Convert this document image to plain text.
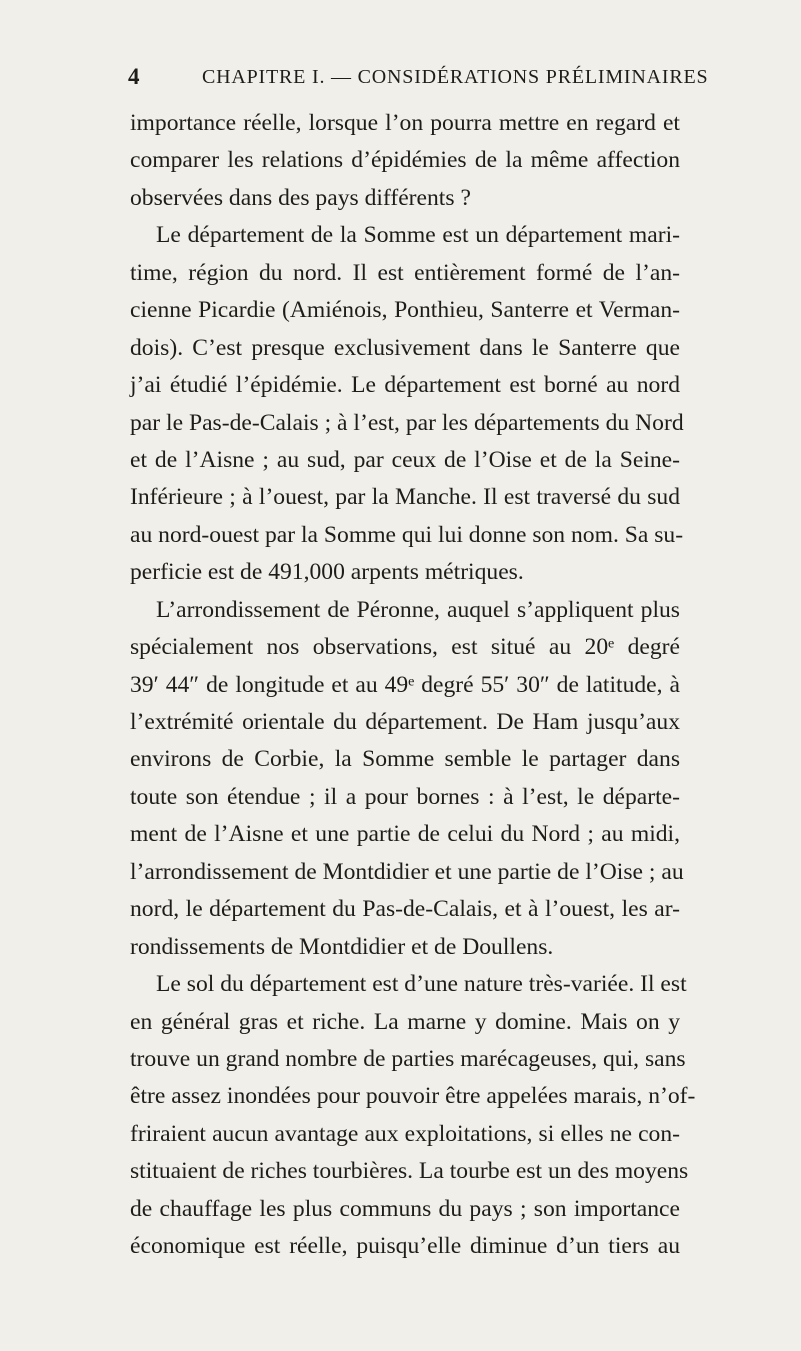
4	CHAPITRE I. — CONSIDÉRATIONS PRÉLIMINAIRES
importance réelle, lorsque l’on pourra mettre en regard et
comparer les relations d’épidémies de la même affection
observées dans des pays différents ?
Le département de la Somme est un département mari-
time, région du nord. Il est entièrement formé de l’an-
cienne Picardie (Amiénois, Ponthieu, Santerre et Verman-
dois). C’est presque exclusivement dans le Santerre que
j’ai étudié l’épidémie. Le département est borné au nord
par le Pas-de-Calais ; à l’est, par les départements du Nord
et de l’Aisne ; au sud, par ceux de l’Oise et de la Seine-
Inférieure ; à l’ouest, par la Manche. Il est traversé du sud
au nord-ouest par la Somme qui lui donne son nom. Sa su-
perficie est de 491,000 arpents métriques.
L’arrondissement de Péronne, auquel s’appliquent plus
spécialement nos observations, est situé au 20ᵉ degré
39′ 44″ de longitude et au 49ᵉ degré 55′ 30″ de latitude, à
l’extrémité orientale du département. De Ham jusqu’aux
environs de Corbie, la Somme semble le partager dans
toute son étendue ; il a pour bornes : à l’est, le départe-
ment de l’Aisne et une partie de celui du Nord ; au midi,
l’arrondissement de Montdidier et une partie de l’Oise ; au
nord, le département du Pas-de-Calais, et à l’ouest, les ar-
rondissements de Montdidier et de Doullens.
Le sol du département est d’une nature très-variée. Il est
en général gras et riche. La marne y domine. Mais on y
trouve un grand nombre de parties marécageuses, qui, sans
être assez inondées pour pouvoir être appelées marais, n’of-
friraient aucun avantage aux exploitations, si elles ne con-
stituaient de riches tourbières. La tourbe est un des moyens
de chauffage les plus communs du pays ; son importance
économique est réelle, puisqu’elle diminue d’un tiers au
